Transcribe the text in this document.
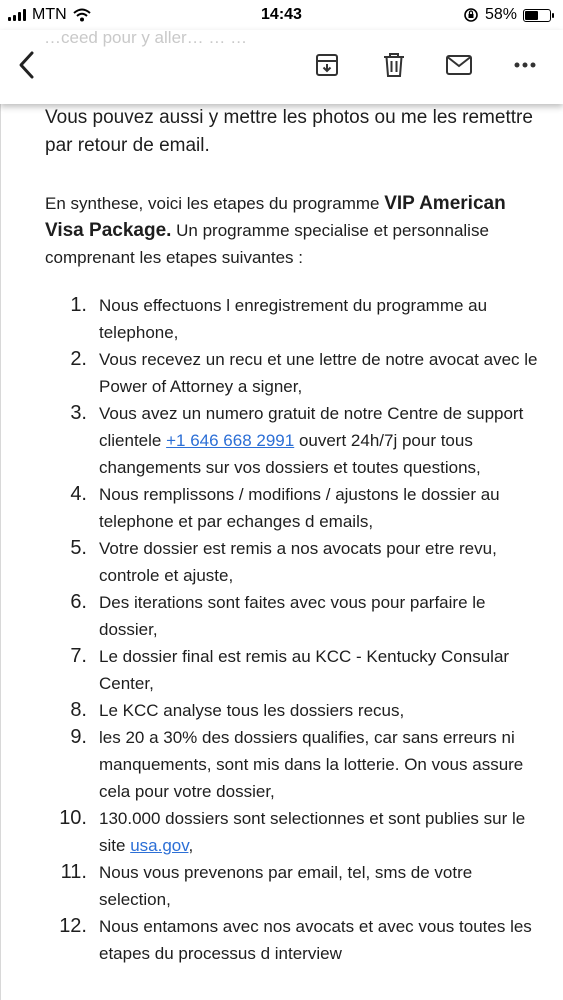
MTN	14:43	58%
…ceed pour y aller… … …
Vous pouvez aussi y mettre les photos ou me les remettre par retour de email.
En synthese, voici les etapes du programme VIP American Visa Package. Un programme specialise et personnalise comprenant les etapes suivantes :
1. Nous effectuons l enregistrement du programme au telephone,
2. Vous recevez un recu et une lettre de notre avocat avec le Power of Attorney a signer,
3. Vous avez un numero gratuit de notre Centre de support clientele +1 646 668 2991 ouvert 24h/7j pour tous changements sur vos dossiers et toutes questions,
4. Nous remplissons / modifions / ajustons le dossier au telephone et par echanges d emails,
5. Votre dossier est remis a nos avocats pour etre revu, controle et ajuste,
6. Des iterations sont faites avec vous pour parfaire le dossier,
7. Le dossier final est remis au KCC - Kentucky Consular Center,
8. Le KCC analyse tous les dossiers recus,
9. les 20 a 30% des dossiers qualifies, car sans erreurs ni manquements, sont mis dans la lotterie. On vous assure cela pour votre dossier,
10. 130.000 dossiers sont selectionnes et sont publies sur le site usa.gov,
11. Nous vous prevenons par email, tel, sms de votre selection,
12. Nous entamons avec nos avocats et avec vous toutes les etapes du processus d interview
